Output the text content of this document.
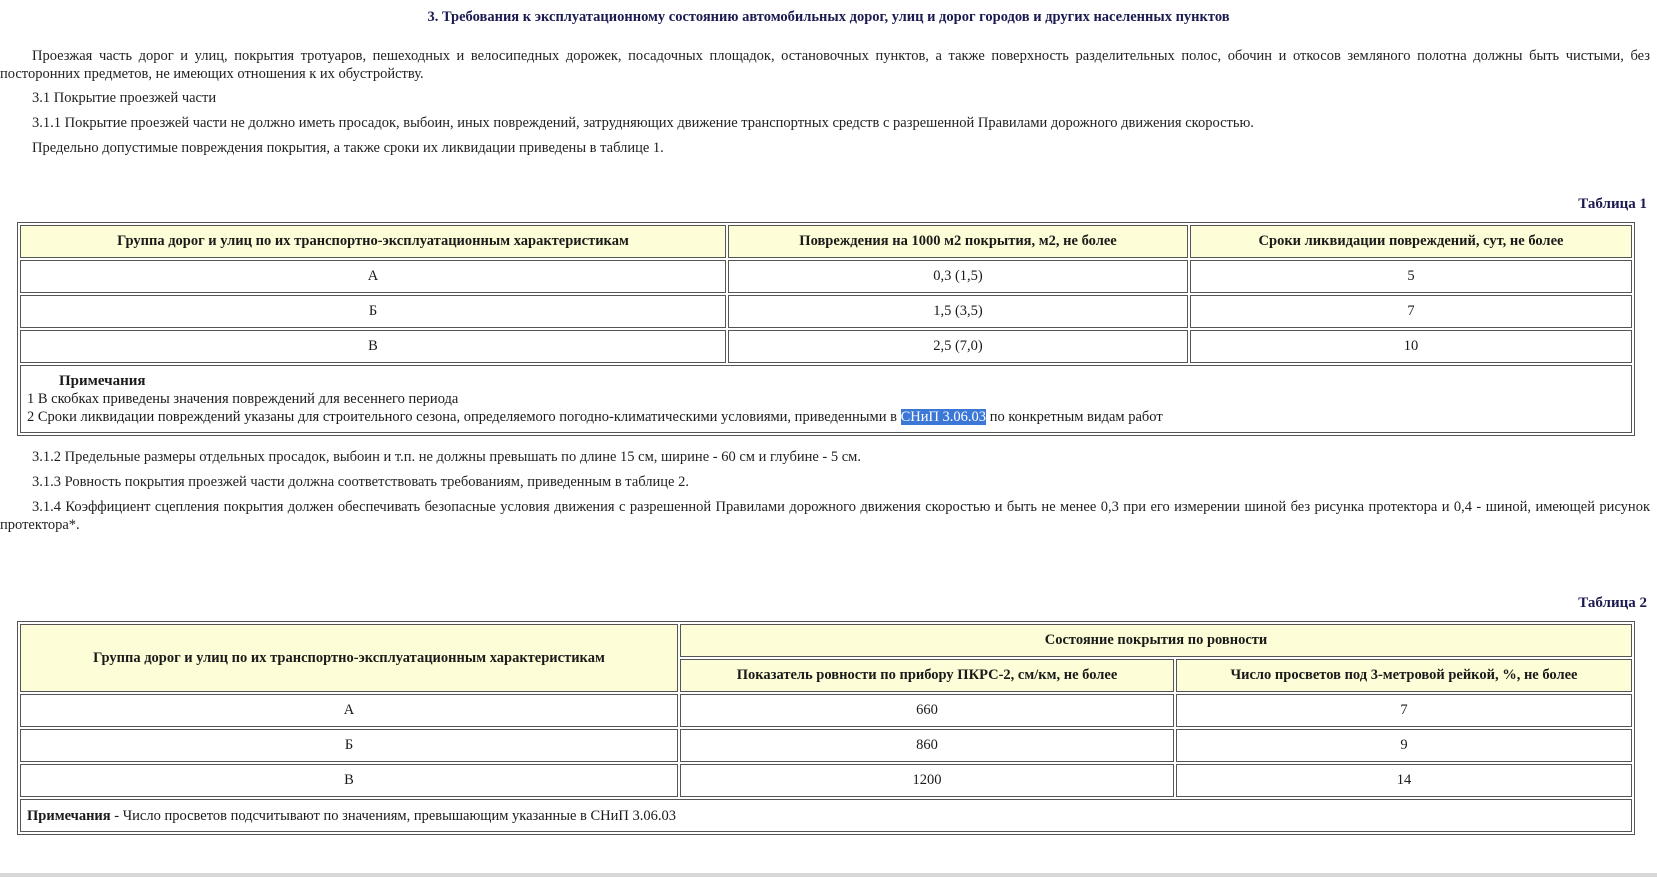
3. Требования к эксплуатационному состоянию автомобильных дорог, улиц и дорог городов и других населенных пунктов
Проезжая часть дорог и улиц, покрытия тротуаров, пешеходных и велосипедных дорожек, посадочных площадок, остановочных пунктов, а также поверхность разделительных полос, обочин и откосов земляного полотна должны быть чистыми, без посторонних предметов, не имеющих отношения к их обустройству.
3.1 Покрытие проезжей части
3.1.1 Покрытие проезжей части не должно иметь просадок, выбоин, иных повреждений, затрудняющих движение транспортных средств с разрешенной Правилами дорожного движения скоростью.
Предельно допустимые повреждения покрытия, а также сроки их ликвидации приведены в таблице 1.
Таблица 1
Группа дорог и улиц по их транспортно-эксплуатационным характеристикам	Повреждения на 1000 м2 покрытия, м2, не более	Сроки ликвидации повреждений, сут, не более
А	0,3 (1,5)	5
Б	1,5 (3,5)	7
В	2,5 (7,0)	10

Примечания
1 В скобках приведены значения повреждений для весеннего периода
2 Сроки ликвидации повреждений указаны для строительного сезона, определяемого погодно-климатическими условиями, приведенными в СНиП 3.06.03 по конкретным видам работ		
3.1.2 Предельные размеры отдельных просадок, выбоин и т.п. не должны превышать по длине 15 см, ширине - 60 см и глубине - 5 см.
3.1.3 Ровность покрытия проезжей части должна соответствовать требованиям, приведенным в таблице 2.
3.1.4 Коэффициент сцепления покрытия должен обеспечивать безопасные условия движения с разрешенной Правилами дорожного движения скоростью и быть не менее 0,3 при его измерении шиной без рисунка протектора и 0,4 - шиной, имеющей рисунок протектора*.
Таблица 2
Группа дорог и улиц по их транспортно-эксплуатационным характеристикам	Состояние покрытия по ровности	
	Показатель ровности по прибору ПКРС-2, см/км, не более	Число просветов под 3-метровой рейкой, %, не более
А	660	7
Б	860	9
В	1200	14
Примечания - Число просветов подсчитывают по значениям, превышающим указанные в СНиП 3.06.03		
